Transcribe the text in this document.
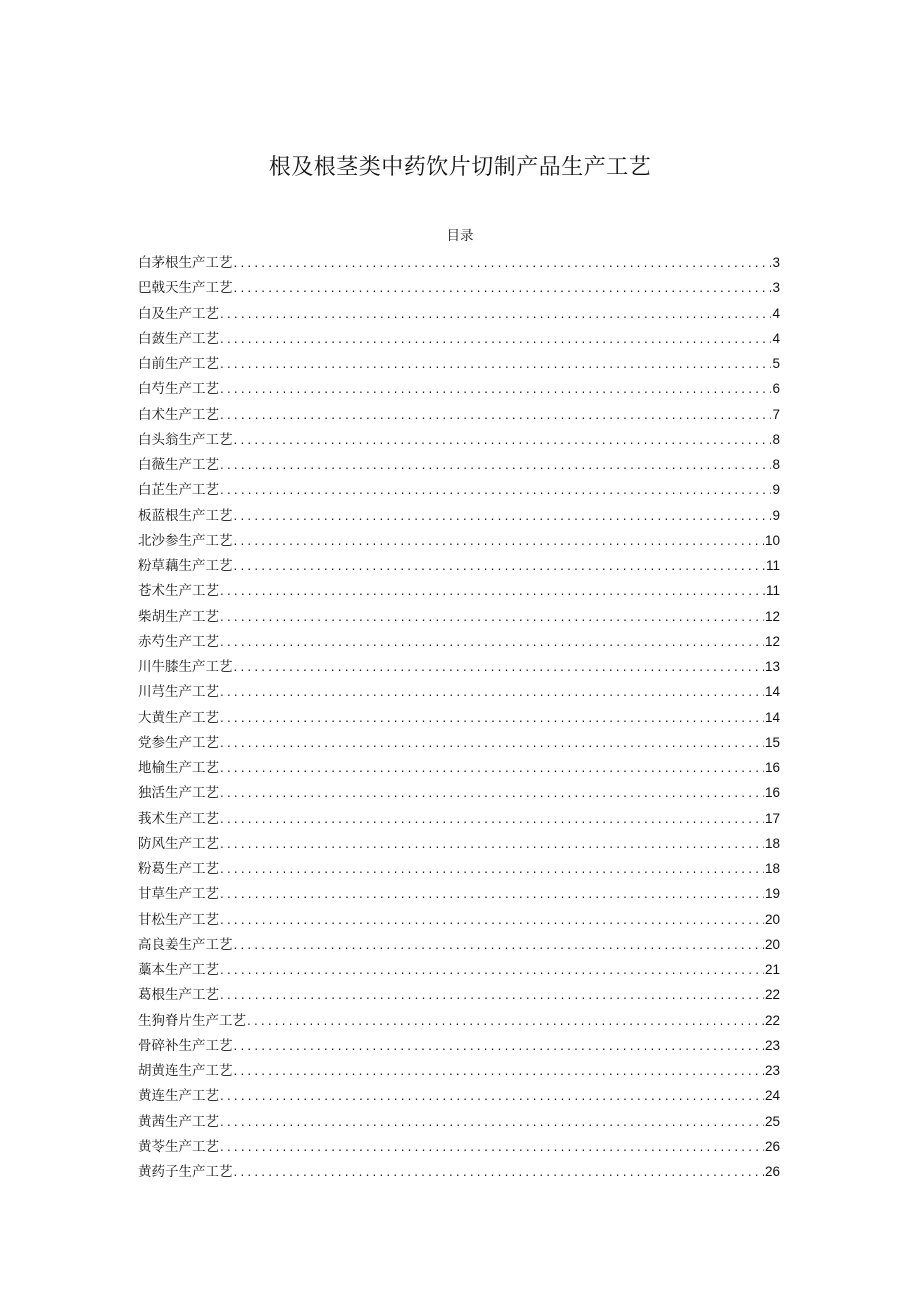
根及根茎类中药饮片切制产品生产工艺
目录
白茅根生产工艺 .....	3
巴戟天生产工艺 .....	3
白及生产工艺 .....	4
白蔹生产工艺 .....	4
白前生产工艺 .....	5
白芍生产工艺 .....	6
白术生产工艺 .....	7
白头翁生产工艺 .....	8
白薇生产工艺 .....	8
白芷生产工艺 .....	9
板蓝根生产工艺 .....	9
北沙参生产工艺 .....	10
粉草藕生产工艺 .....	11
苍术生产工艺 .....	11
柴胡生产工艺 .....	12
赤芍生产工艺 .....	12
川牛膝生产工艺 .....	13
川芎生产工艺 .....	14
大黄生产工艺 .....	14
党参生产工艺 .....	15
地榆生产工艺 .....	16
独活生产工艺 .....	16
莪术生产工艺 .....	17
防风生产工艺 .....	18
粉葛生产工艺 .....	18
甘草生产工艺 .....	19
甘松生产工艺 .....	20
高良姜生产工艺 .....	20
藁本生产工艺 .....	21
葛根生产工艺 .....	22
生狗脊片生产工艺 .....	22
骨碎补生产工艺 .....	23
胡黄连生产工艺 .....	23
黄连生产工艺 .....	24
黄茜生产工艺 .....	25
黄苓生产工艺 .....	26
黄药子生产工艺 .....	26
